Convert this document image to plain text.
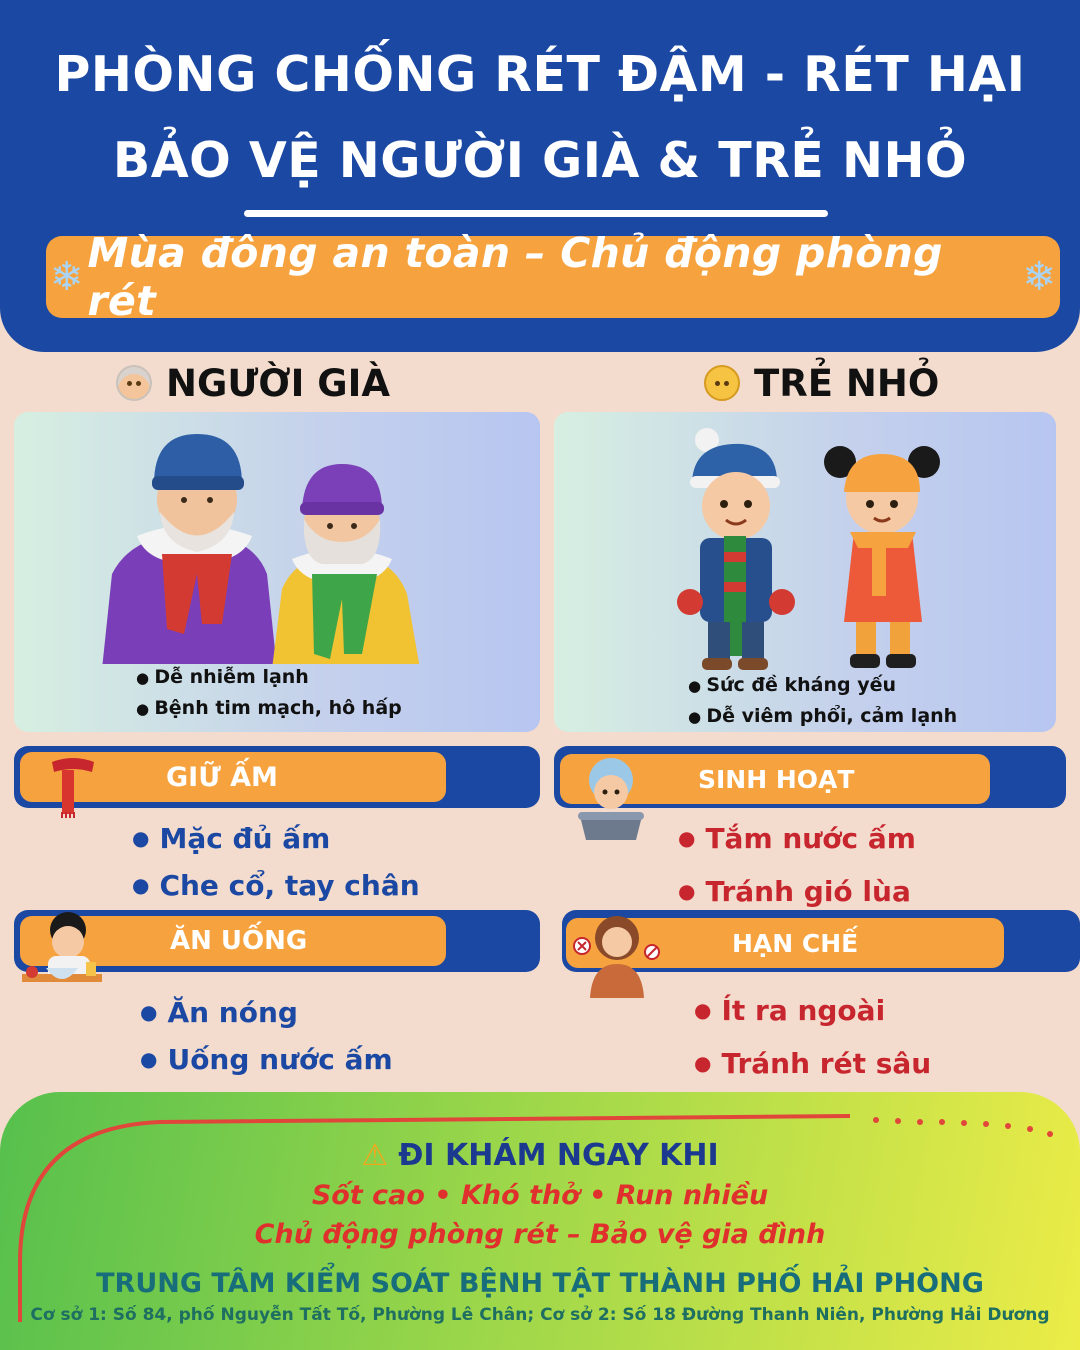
PHÒNG CHỐNG RÉT ĐẬM - RÉT HẠI
BẢO VỆ NGƯỜI GIÀ & TRẺ NHỎ
❄ Mùa đông an toàn – Chủ động phòng rét	❄
NGƯỜI GIÀ	TRẺ NHỎ
● Dễ nhiễm lạnh
● Bệnh tim mạch, hô hấp
● Sức đề kháng yếu
● Dễ viêm phổi, cảm lạnh
GIỮ ẤM
● Mặc đủ ấm
● Che cổ, tay chân
SINH HOẠT
● Tắm nước ấm
● Tránh gió lùa
ĂN UỐNG
● Ăn nóng
● Uống nước ấm
HẠN CHẾ
● Ít ra ngoài
● Tránh rét sâu
⚠ ĐI KHÁM NGAY KHI
Sốt cao • Khó thở • Run nhiều
Chủ động phòng rét – Bảo vệ gia đình
TRUNG TÂM KIỂM SOÁT BỆNH TẬT THÀNH PHỐ HẢI PHÒNG
Cơ sở 1: Số 84, phố Nguyễn Tất Tố, Phường Lê Chân; Cơ sở 2: Số 18 Đường Thanh Niên, Phường Hải Dương
